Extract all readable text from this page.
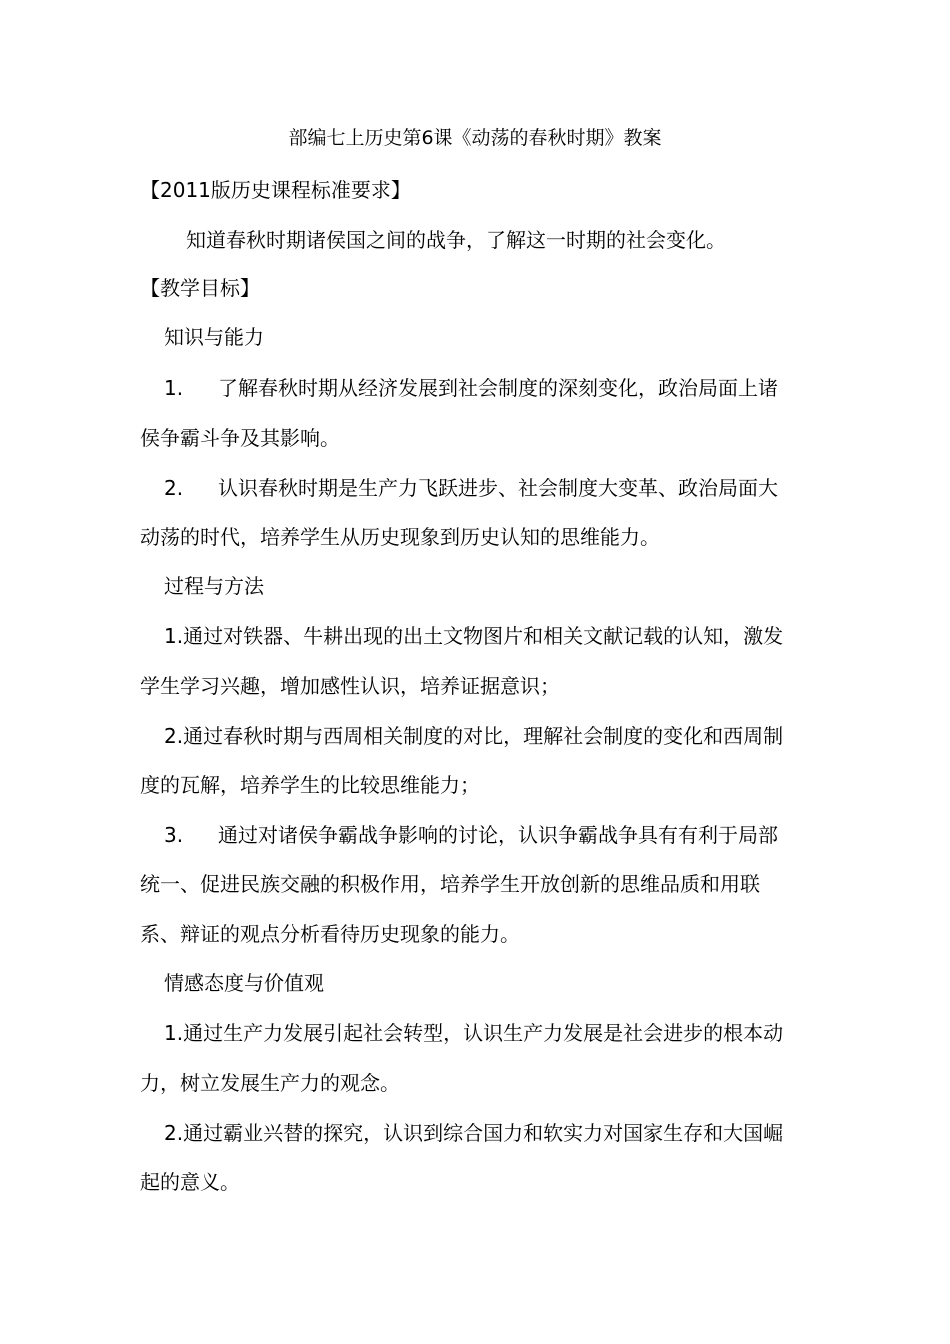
部编七上历史第6课《动荡的春秋时期》教案
【2011版历史课程标准要求】
知道春秋时期诸侯国之间的战争，了解这一时期的社会变化。
【教学目标】
知识与能力
1. 了解春秋时期从经济发展到社会制度的深刻变化，政治局面上诸
侯争霸斗争及其影响。
2. 认识春秋时期是生产力飞跃进步、社会制度大变革、政治局面大
动荡的时代，培养学生从历史现象到历史认知的思维能力。
过程与方法
1.通过对铁器、牛耕出现的出土文物图片和相关文献记载的认知，激发
学生学习兴趣，增加感性认识，培养证据意识；
2.通过春秋时期与西周相关制度的对比，理解社会制度的变化和西周制
度的瓦解，培养学生的比较思维能力；
3. 通过对诸侯争霸战争影响的讨论，认识争霸战争具有有利于局部
统一、促进民族交融的积极作用，培养学生开放创新的思维品质和用联
系、辩证的观点分析看待历史现象的能力。
情感态度与价值观
1.通过生产力发展引起社会转型，认识生产力发展是社会进步的根本动
力，树立发展生产力的观念。
2.通过霸业兴替的探究，认识到综合国力和软实力对国家生存和大国崛
起的意义。
